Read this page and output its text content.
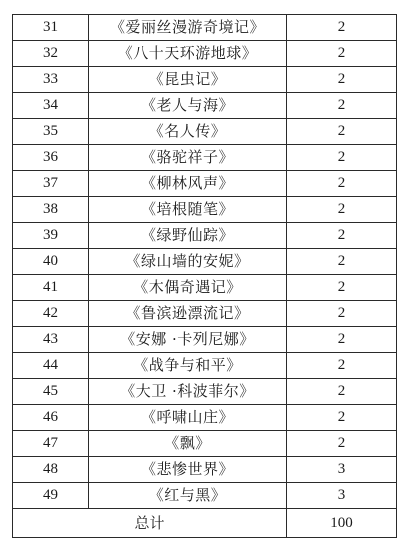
31	《爱丽丝漫游奇境记》	2
32	《八十天环游地球》	2
33	《昆虫记》	2
34	《老人与海》	2
35	《名人传》	2
36	《骆驼祥子》	2
37	《柳林风声》	2
38	《培根随笔》	2
39	《绿野仙踪》	2
40	《绿山墙的安妮》	2
41	《木偶奇遇记》	2
42	《鲁滨逊漂流记》	2
43	《安娜 ·卡列尼娜》	2
44	《战争与和平》	2
45	《大卫 ·科波菲尔》	2
46	《呼啸山庄》	2
47	《飘》	2
48	《悲惨世界》	3
49	《红与黑》	3
总计		100
